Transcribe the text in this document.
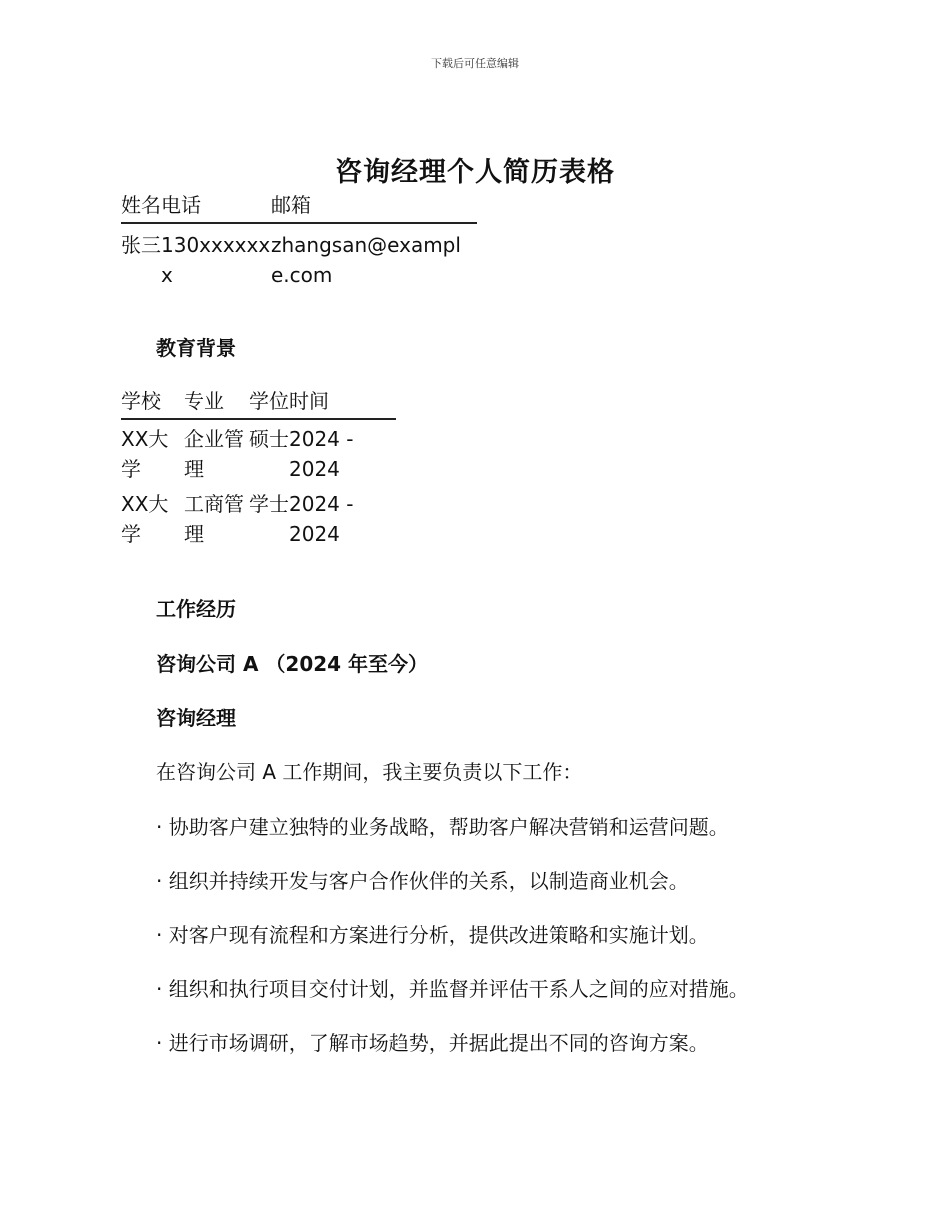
下载后可任意编辑
咨询经理个人简历表格
姓名	电话	邮箱
张三	130xxxxxxx	zhangsan@example.com
教育背景
学校	专业	学位	时间
XX大学	企业管理	硕士	2024 -
2024

XX大学	工商管理	学士	2024 -
2024
工作经历
咨询公司 A （2024 年至今）
咨询经理
在咨询公司 A 工作期间，我主要负责以下工作：
· 协助客户建立独特的业务战略，帮助客户解决营销和运营问题。
· 组织并持续开发与客户合作伙伴的关系，以制造商业机会。
· 对客户现有流程和方案进行分析，提供改进策略和实施计划。
· 组织和执行项目交付计划，并监督并评估干系人之间的应对措施。
· 进行市场调研，了解市场趋势，并据此提出不同的咨询方案。
